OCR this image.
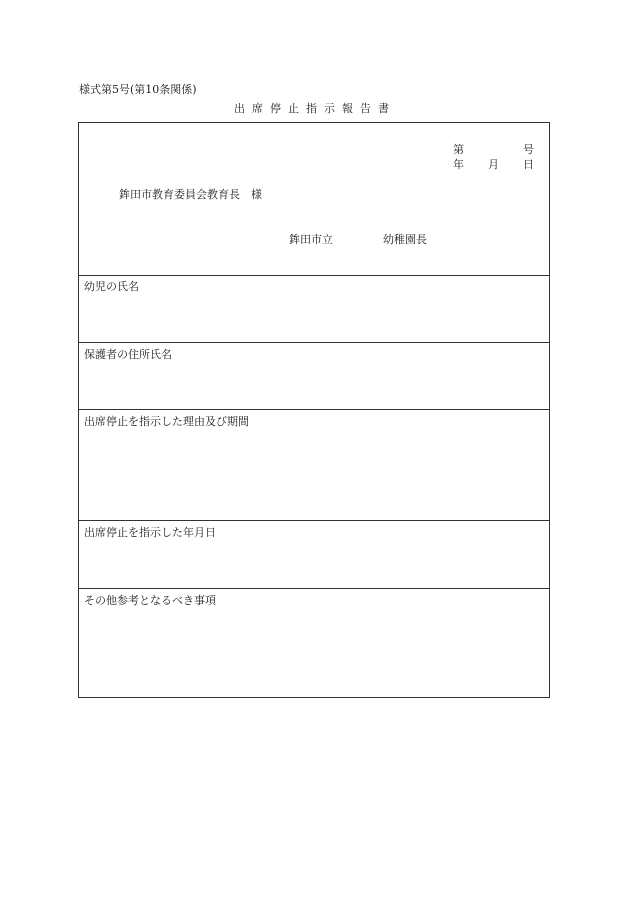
様式第5号(第10条関係)
出席停止指示報告書
第	号
年 月 日
鉾田市教育委員会教育長　様
鉾田市立	幼稚園長
幼児の氏名
保護者の住所氏名
出席停止を指示した理由及び期間
出席停止を指示した年月日
その他参考となるべき事項
